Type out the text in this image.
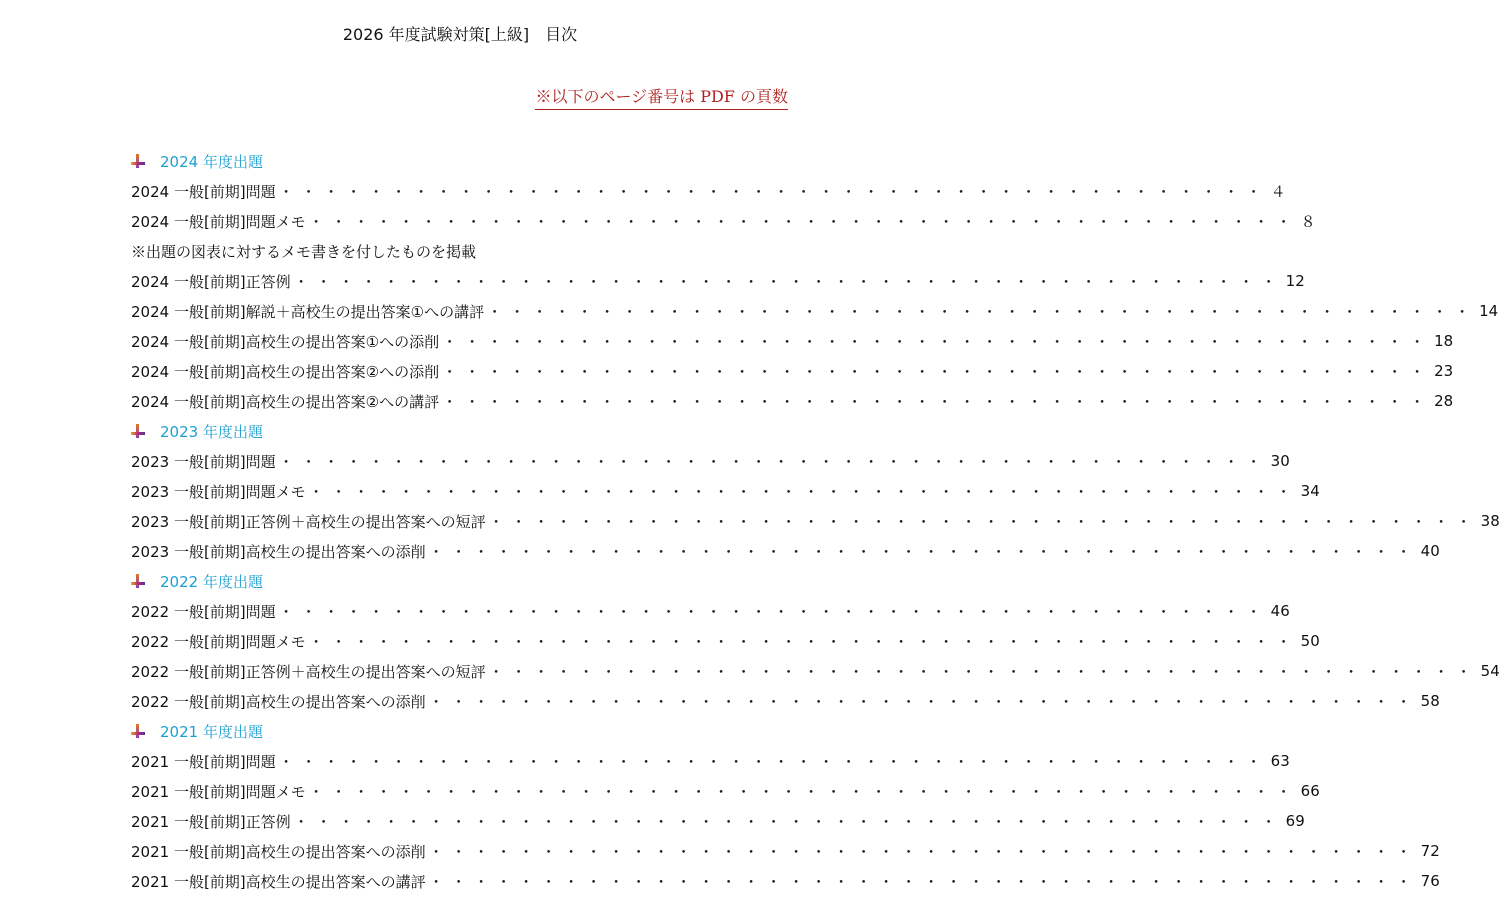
2026 年度試験対策[上級]　目次
※以下のページ番号は PDF の頁数
2024 年度出題
2024 一般[前期]問題 ・・・・・・・・・・・・・・・・・・・・・・・・・・・・・・・・・・・・・・・・・・・・ ４
2024 一般[前期]問題メモ ・・・・・・・・・・・・・・・・・・・・・・・・・・・・・・・・・・・・・・・・・・・・ ８
※出題の図表に対するメモ書きを付したものを掲載
2024 一般[前期]正答例 ・・・・・・・・・・・・・・・・・・・・・・・・・・・・・・・・・・・・・・・・・・・・ 12
2024 一般[前期]解説＋高校生の提出答案①への講評 ・・・・・・・・・・・・・・・・・・・・・・・・・・・・・・・・・・・・・・・・・・・・ 14
2024 一般[前期]高校生の提出答案①への添削 ・・・・・・・・・・・・・・・・・・・・・・・・・・・・・・・・・・・・・・・・・・・・ 18
2024 一般[前期]高校生の提出答案②への添削 ・・・・・・・・・・・・・・・・・・・・・・・・・・・・・・・・・・・・・・・・・・・・ 23
2024 一般[前期]高校生の提出答案②への講評 ・・・・・・・・・・・・・・・・・・・・・・・・・・・・・・・・・・・・・・・・・・・・ 28
2023 年度出題
2023 一般[前期]問題 ・・・・・・・・・・・・・・・・・・・・・・・・・・・・・・・・・・・・・・・・・・・・ 30
2023 一般[前期]問題メモ ・・・・・・・・・・・・・・・・・・・・・・・・・・・・・・・・・・・・・・・・・・・・ 34
2023 一般[前期]正答例＋高校生の提出答案への短評 ・・・・・・・・・・・・・・・・・・・・・・・・・・・・・・・・・・・・・・・・・・・・ 38
2023 一般[前期]高校生の提出答案への添削 ・・・・・・・・・・・・・・・・・・・・・・・・・・・・・・・・・・・・・・・・・・・・ 40
2022 年度出題
2022 一般[前期]問題 ・・・・・・・・・・・・・・・・・・・・・・・・・・・・・・・・・・・・・・・・・・・・ 46
2022 一般[前期]問題メモ ・・・・・・・・・・・・・・・・・・・・・・・・・・・・・・・・・・・・・・・・・・・・ 50
2022 一般[前期]正答例＋高校生の提出答案への短評 ・・・・・・・・・・・・・・・・・・・・・・・・・・・・・・・・・・・・・・・・・・・・ 54
2022 一般[前期]高校生の提出答案への添削 ・・・・・・・・・・・・・・・・・・・・・・・・・・・・・・・・・・・・・・・・・・・・ 58
2021 年度出題
2021 一般[前期]問題 ・・・・・・・・・・・・・・・・・・・・・・・・・・・・・・・・・・・・・・・・・・・・ 63
2021 一般[前期]問題メモ ・・・・・・・・・・・・・・・・・・・・・・・・・・・・・・・・・・・・・・・・・・・・ 66
2021 一般[前期]正答例 ・・・・・・・・・・・・・・・・・・・・・・・・・・・・・・・・・・・・・・・・・・・・ 69
2021 一般[前期]高校生の提出答案への添削 ・・・・・・・・・・・・・・・・・・・・・・・・・・・・・・・・・・・・・・・・・・・・ 72
2021 一般[前期]高校生の提出答案への講評 ・・・・・・・・・・・・・・・・・・・・・・・・・・・・・・・・・・・・・・・・・・・・ 76
